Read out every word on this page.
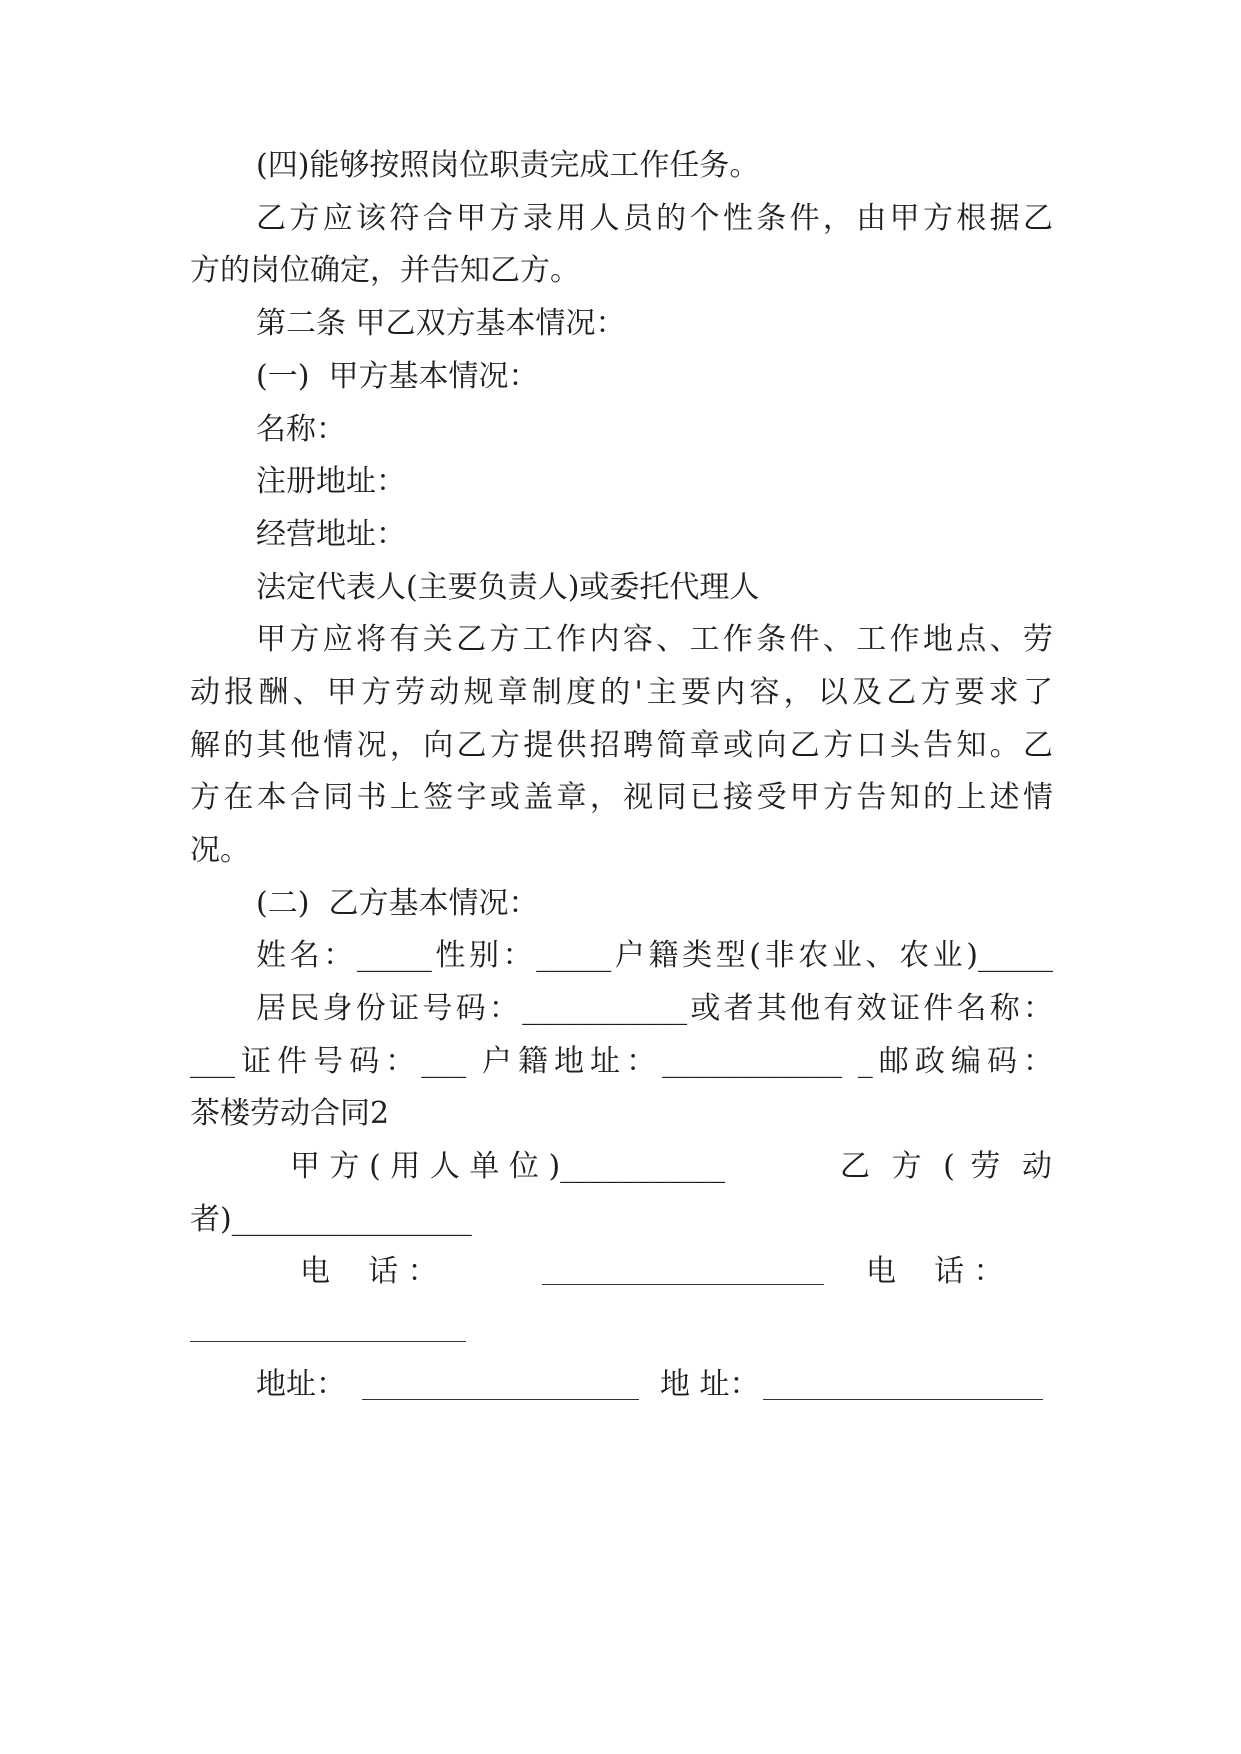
(四)能够按照岗位职责完成工作任务。
乙方应该符合甲方录用人员的个性条件，由甲方根据乙
方的岗位确定，并告知乙方。
第二条 甲乙双方基本情况：
(一)  甲方基本情况：
名称：
注册地址：
经营地址：
法定代表人(主要负责人)或委托代理人
甲方应将有关乙方工作内容、工作条件、工作地点、劳
动报酬、甲方劳动规章制度的'主要内容，以及乙方要求了
解的其他情况，向乙方提供招聘简章或向乙方口头告知。乙
方在本合同书上签字或盖章，视同已接受甲方告知的上述情
况。
(二)  乙方基本情况：
姓名：_____性别：_____户籍类型(非农业、农业)_____
居民身份证号码：___________或者其他有效证件名称：
___证件号码：___ 户籍地址：____________ _邮政编码：
茶楼劳动合同2
甲 方 ( 用 人 单 位 )___________	乙 方 ( 劳 动
者)________________
电    话 ：	电    话 ：
地址：	地 址：
